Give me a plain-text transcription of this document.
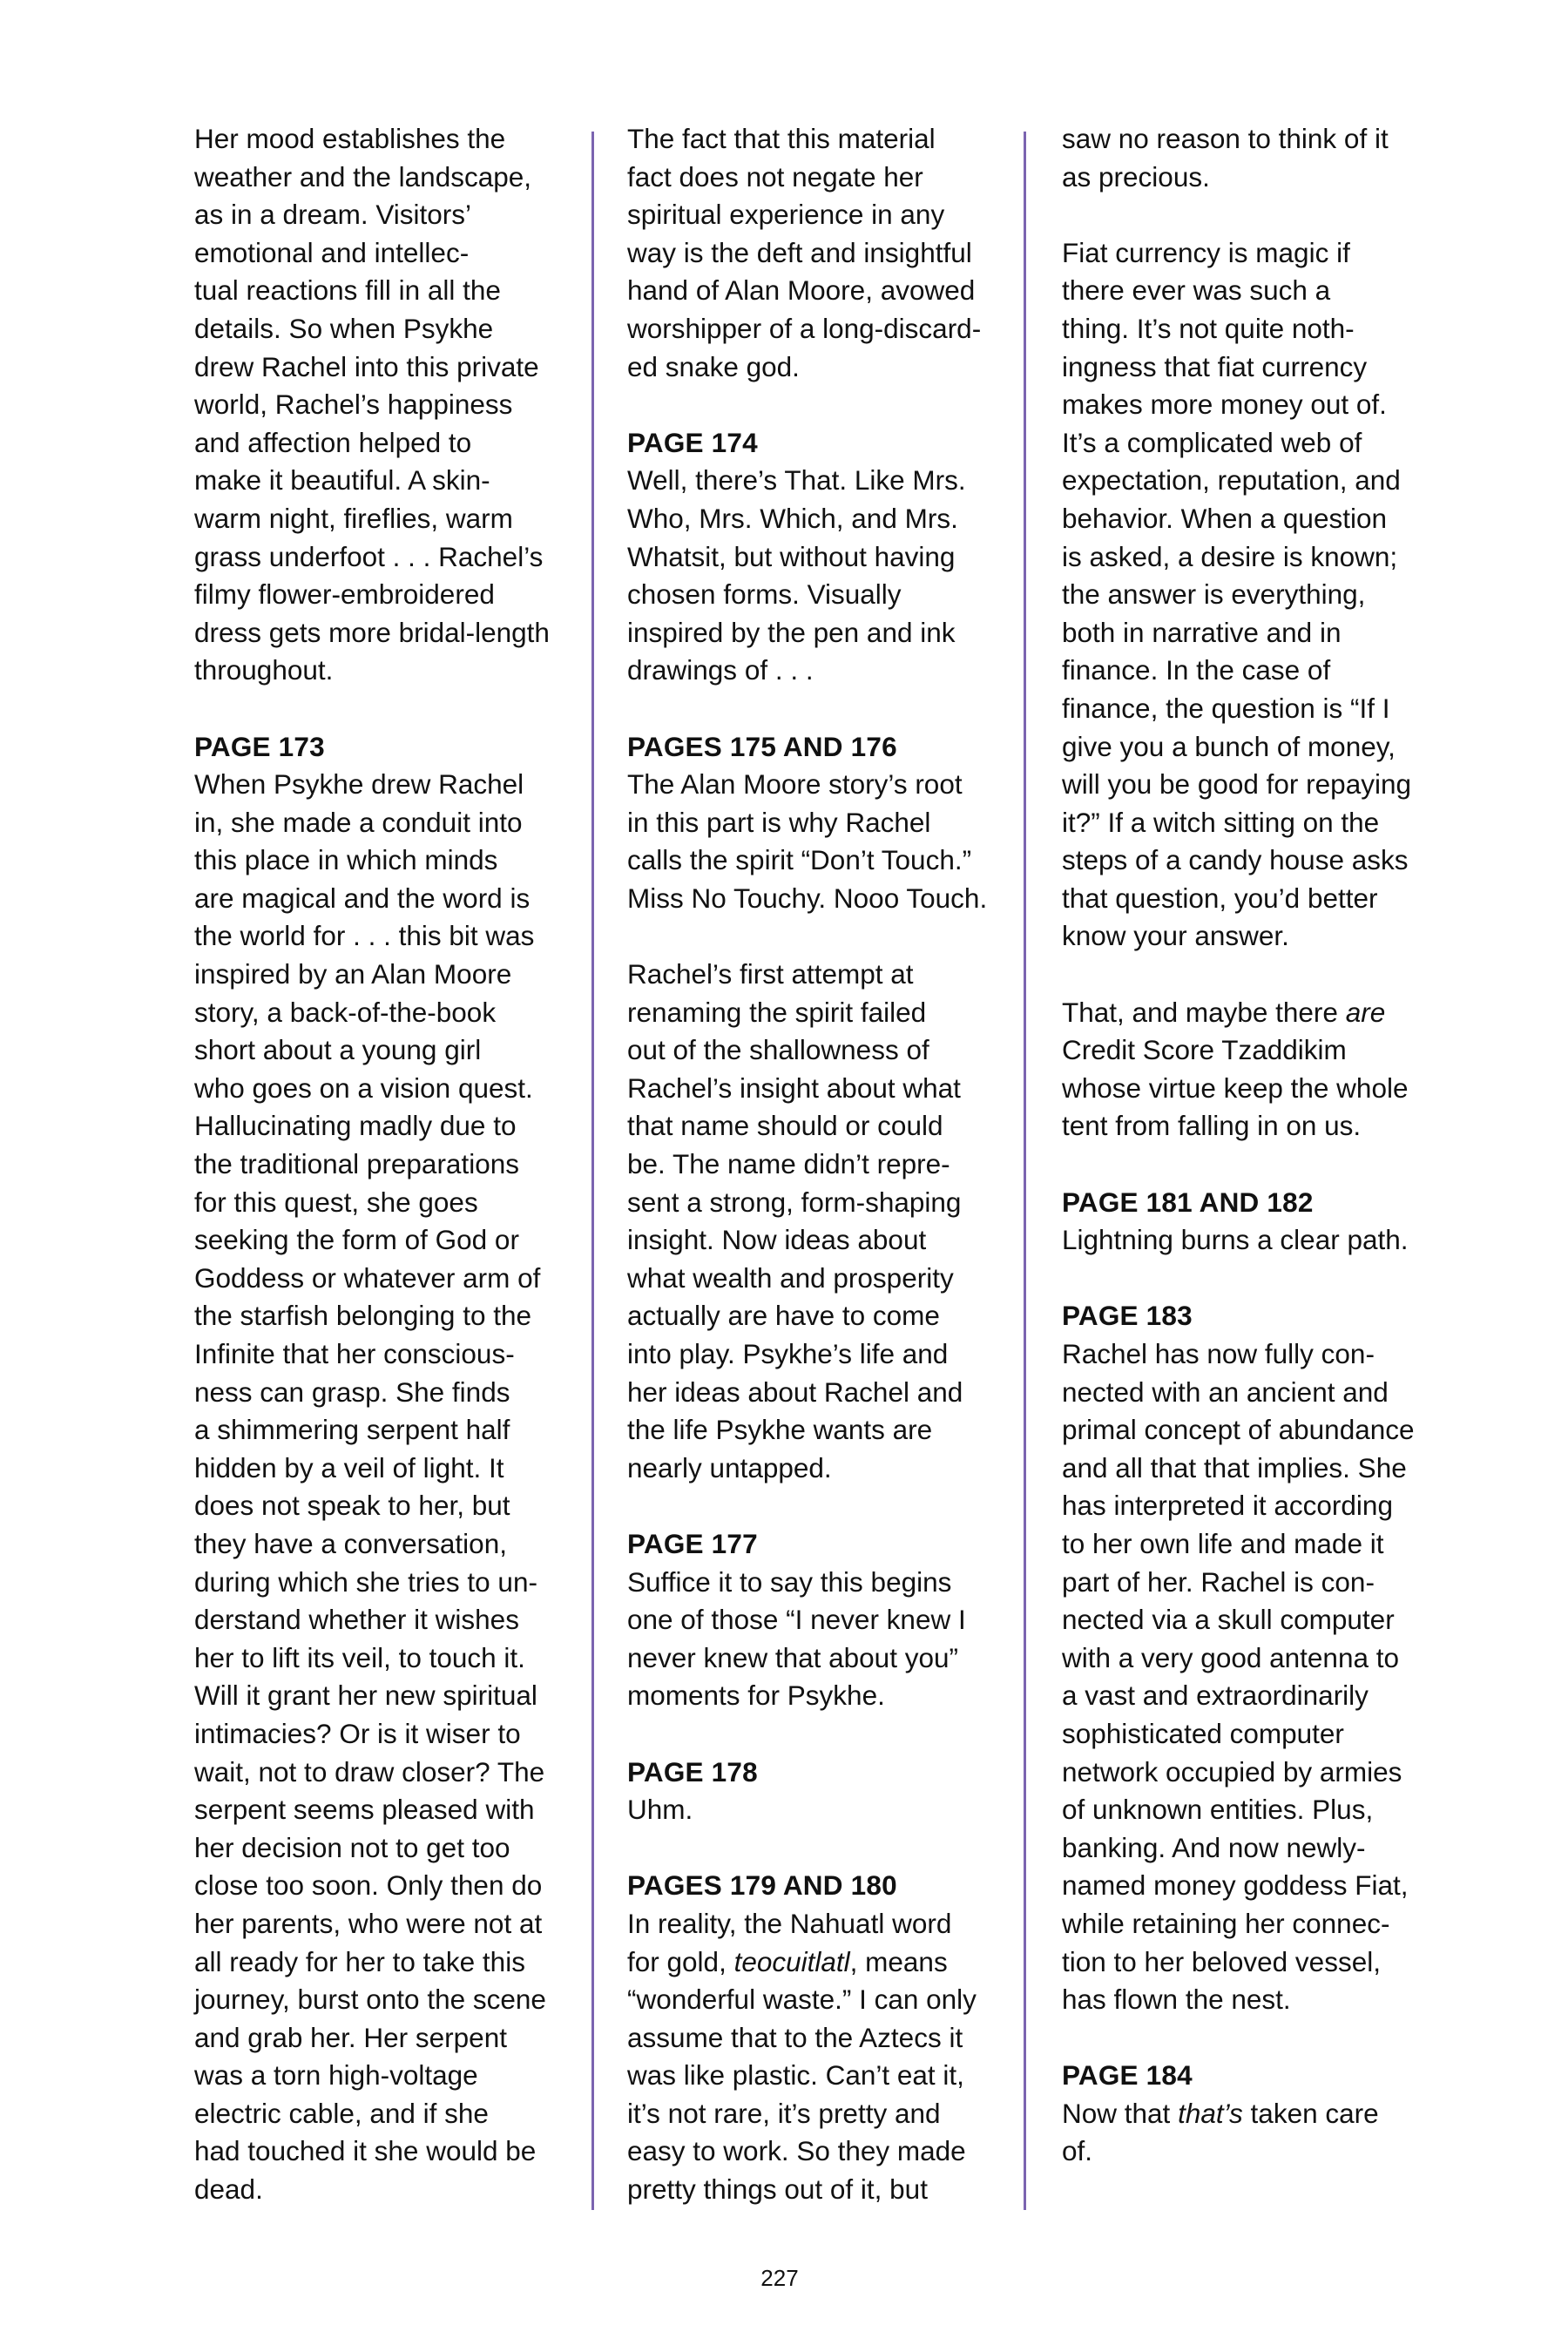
Her mood establishes the
weather and the landscape,
as in a dream. Visitors’
emotional and intellec-
tual reactions fill in all the
details. So when Psykhe
drew Rachel into this private
world, Rachel’s happiness
and affection helped to
make it beautiful. A skin-
warm night, fireflies, warm
grass underfoot . . . Rachel’s
filmy flower-embroidered
dress gets more bridal-length
throughout.
PAGE 173
When Psykhe drew Rachel
in, she made a conduit into
this place in which minds
are magical and the word is
the world for . . . this bit was
inspired by an Alan Moore
story, a back-of-the-book
short about a young girl
who goes on a vision quest.
Hallucinating madly due to
the traditional preparations
for this quest, she goes
seeking the form of God or
Goddess or whatever arm of
the starfish belonging to the
Infinite that her conscious-
ness can grasp. She finds
a shimmering serpent half
hidden by a veil of light. It
does not speak to her, but
they have a conversation,
during which she tries to un-
derstand whether it wishes
her to lift its veil, to touch it.
Will it grant her new spiritual
intimacies? Or is it wiser to
wait, not to draw closer? The
serpent seems pleased with
her decision not to get too
close too soon. Only then do
her parents, who were not at
all ready for her to take this
journey, burst onto the scene
and grab her. Her serpent
was a torn high-voltage
electric cable, and if she
had touched it she would be
dead.
The fact that this material
fact does not negate her
spiritual experience in any
way is the deft and insightful
hand of Alan Moore, avowed
worshipper of a long-discard-
ed snake god.
PAGE 174
Well, there’s That. Like Mrs.
Who, Mrs. Which, and Mrs.
Whatsit, but without having
chosen forms. Visually
inspired by the pen and ink
drawings of . . .
PAGES 175 AND 176
The Alan Moore story’s root
in this part is why Rachel
calls the spirit “Don’t Touch.”
Miss No Touchy. Nooo Touch.
Rachel’s first attempt at
renaming the spirit failed
out of the shallowness of
Rachel’s insight about what
that name should or could
be. The name didn’t repre-
sent a strong, form-shaping
insight. Now ideas about
what wealth and prosperity
actually are have to come
into play. Psykhe’s life and
her ideas about Rachel and
the life Psykhe wants are
nearly untapped.
PAGE 177
Suffice it to say this begins
one of those “I never knew I
never knew that about you”
moments for Psykhe.
PAGE 178
Uhm.
PAGES 179 AND 180
In reality, the Nahuatl word
for gold, teocuitlatl, means
“wonderful waste.” I can only
assume that to the Aztecs it
was like plastic. Can’t eat it,
it’s not rare, it’s pretty and
easy to work. So they made
pretty things out of it, but
saw no reason to think of it
as precious.
Fiat currency is magic if
there ever was such a
thing. It’s not quite noth-
ingness that fiat currency
makes more money out of.
It’s a complicated web of
expectation, reputation, and
behavior. When a question
is asked, a desire is known;
the answer is everything,
both in narrative and in
finance. In the case of
finance, the question is “If I
give you a bunch of money,
will you be good for repaying
it?” If a witch sitting on the
steps of a candy house asks
that question, you’d better
know your answer.
That, and maybe there are
Credit Score Tzaddikim
whose virtue keep the whole
tent from falling in on us.
PAGE 181 AND 182
Lightning burns a clear path.
PAGE 183
Rachel has now fully con-
nected with an ancient and
primal concept of abundance
and all that that implies. She
has interpreted it according
to her own life and made it
part of her. Rachel is con-
nected via a skull computer
with a very good antenna to
a vast and extraordinarily
sophisticated computer
network occupied by armies
of unknown entities. Plus,
banking. And now newly-
named money goddess Fiat,
while retaining her connec-
tion to her beloved vessel,
has flown the nest.
PAGE 184
Now that that’s taken care
of.
227
